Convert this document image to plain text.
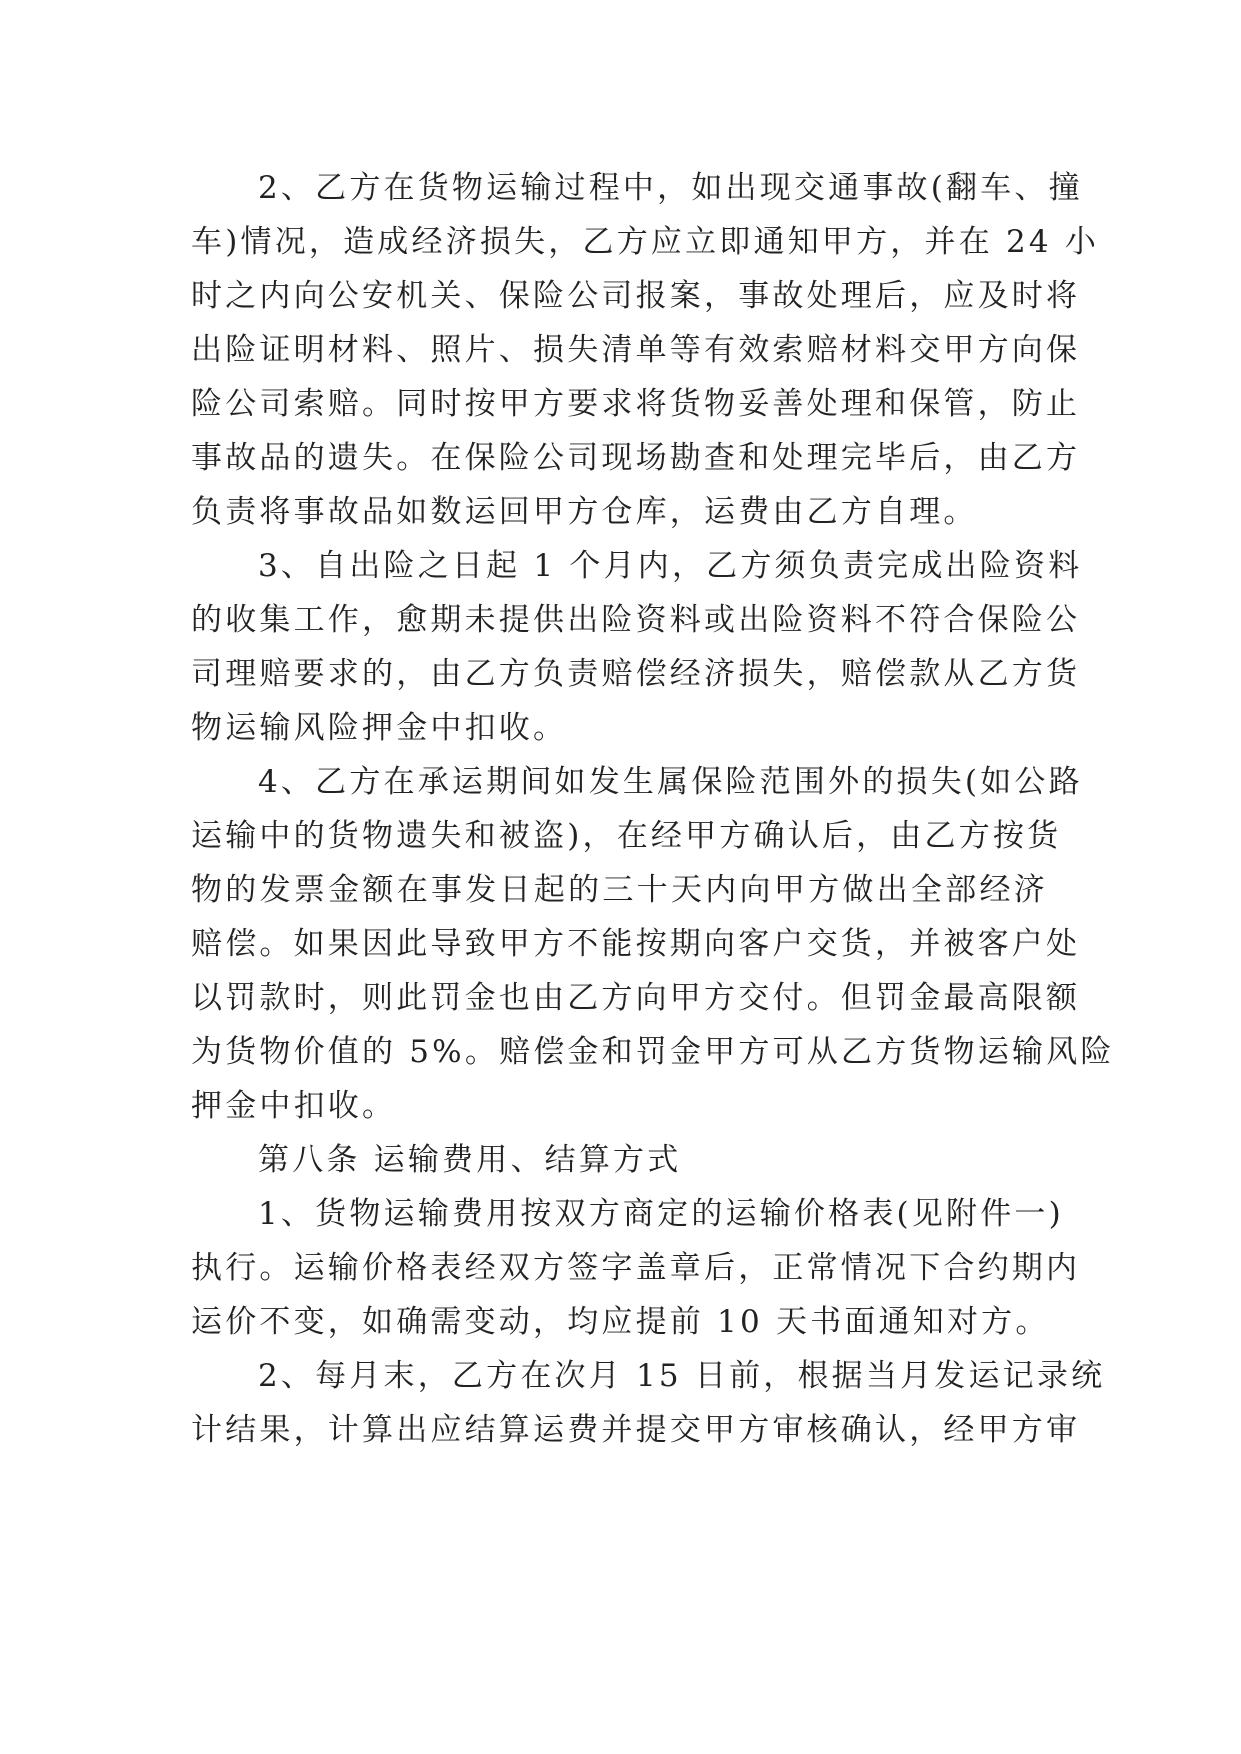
2、乙方在货物运输过程中，如出现交通事故(翻车、撞
车)情况，造成经济损失，乙方应立即通知甲方，并在 24 小
时之内向公安机关、保险公司报案，事故处理后，应及时将
出险证明材料、照片、损失清单等有效索赔材料交甲方向保
险公司索赔。同时按甲方要求将货物妥善处理和保管，防止
事故品的遗失。在保险公司现场勘查和处理完毕后，由乙方
负责将事故品如数运回甲方仓库，运费由乙方自理。
3、自出险之日起 1 个月内，乙方须负责完成出险资料
的收集工作，愈期未提供出险资料或出险资料不符合保险公
司理赔要求的，由乙方负责赔偿经济损失，赔偿款从乙方货
物运输风险押金中扣收。
4、乙方在承运期间如发生属保险范围外的损失(如公路
运输中的货物遗失和被盗)，在经甲方确认后，由乙方按货
物的发票金额在事发日起的三十天内向甲方做出全部经济
赔偿。如果因此导致甲方不能按期向客户交货，并被客户处
以罚款时，则此罚金也由乙方向甲方交付。但罚金最高限额
为货物价值的 5%。赔偿金和罚金甲方可从乙方货物运输风险
押金中扣收。
第八条 运输费用、结算方式
1、货物运输费用按双方商定的运输价格表(见附件一)
执行。运输价格表经双方签字盖章后，正常情况下合约期内
运价不变，如确需变动，均应提前 10 天书面通知对方。
2、每月末，乙方在次月 15 日前，根据当月发运记录统
计结果，计算出应结算运费并提交甲方审核确认，经甲方审
